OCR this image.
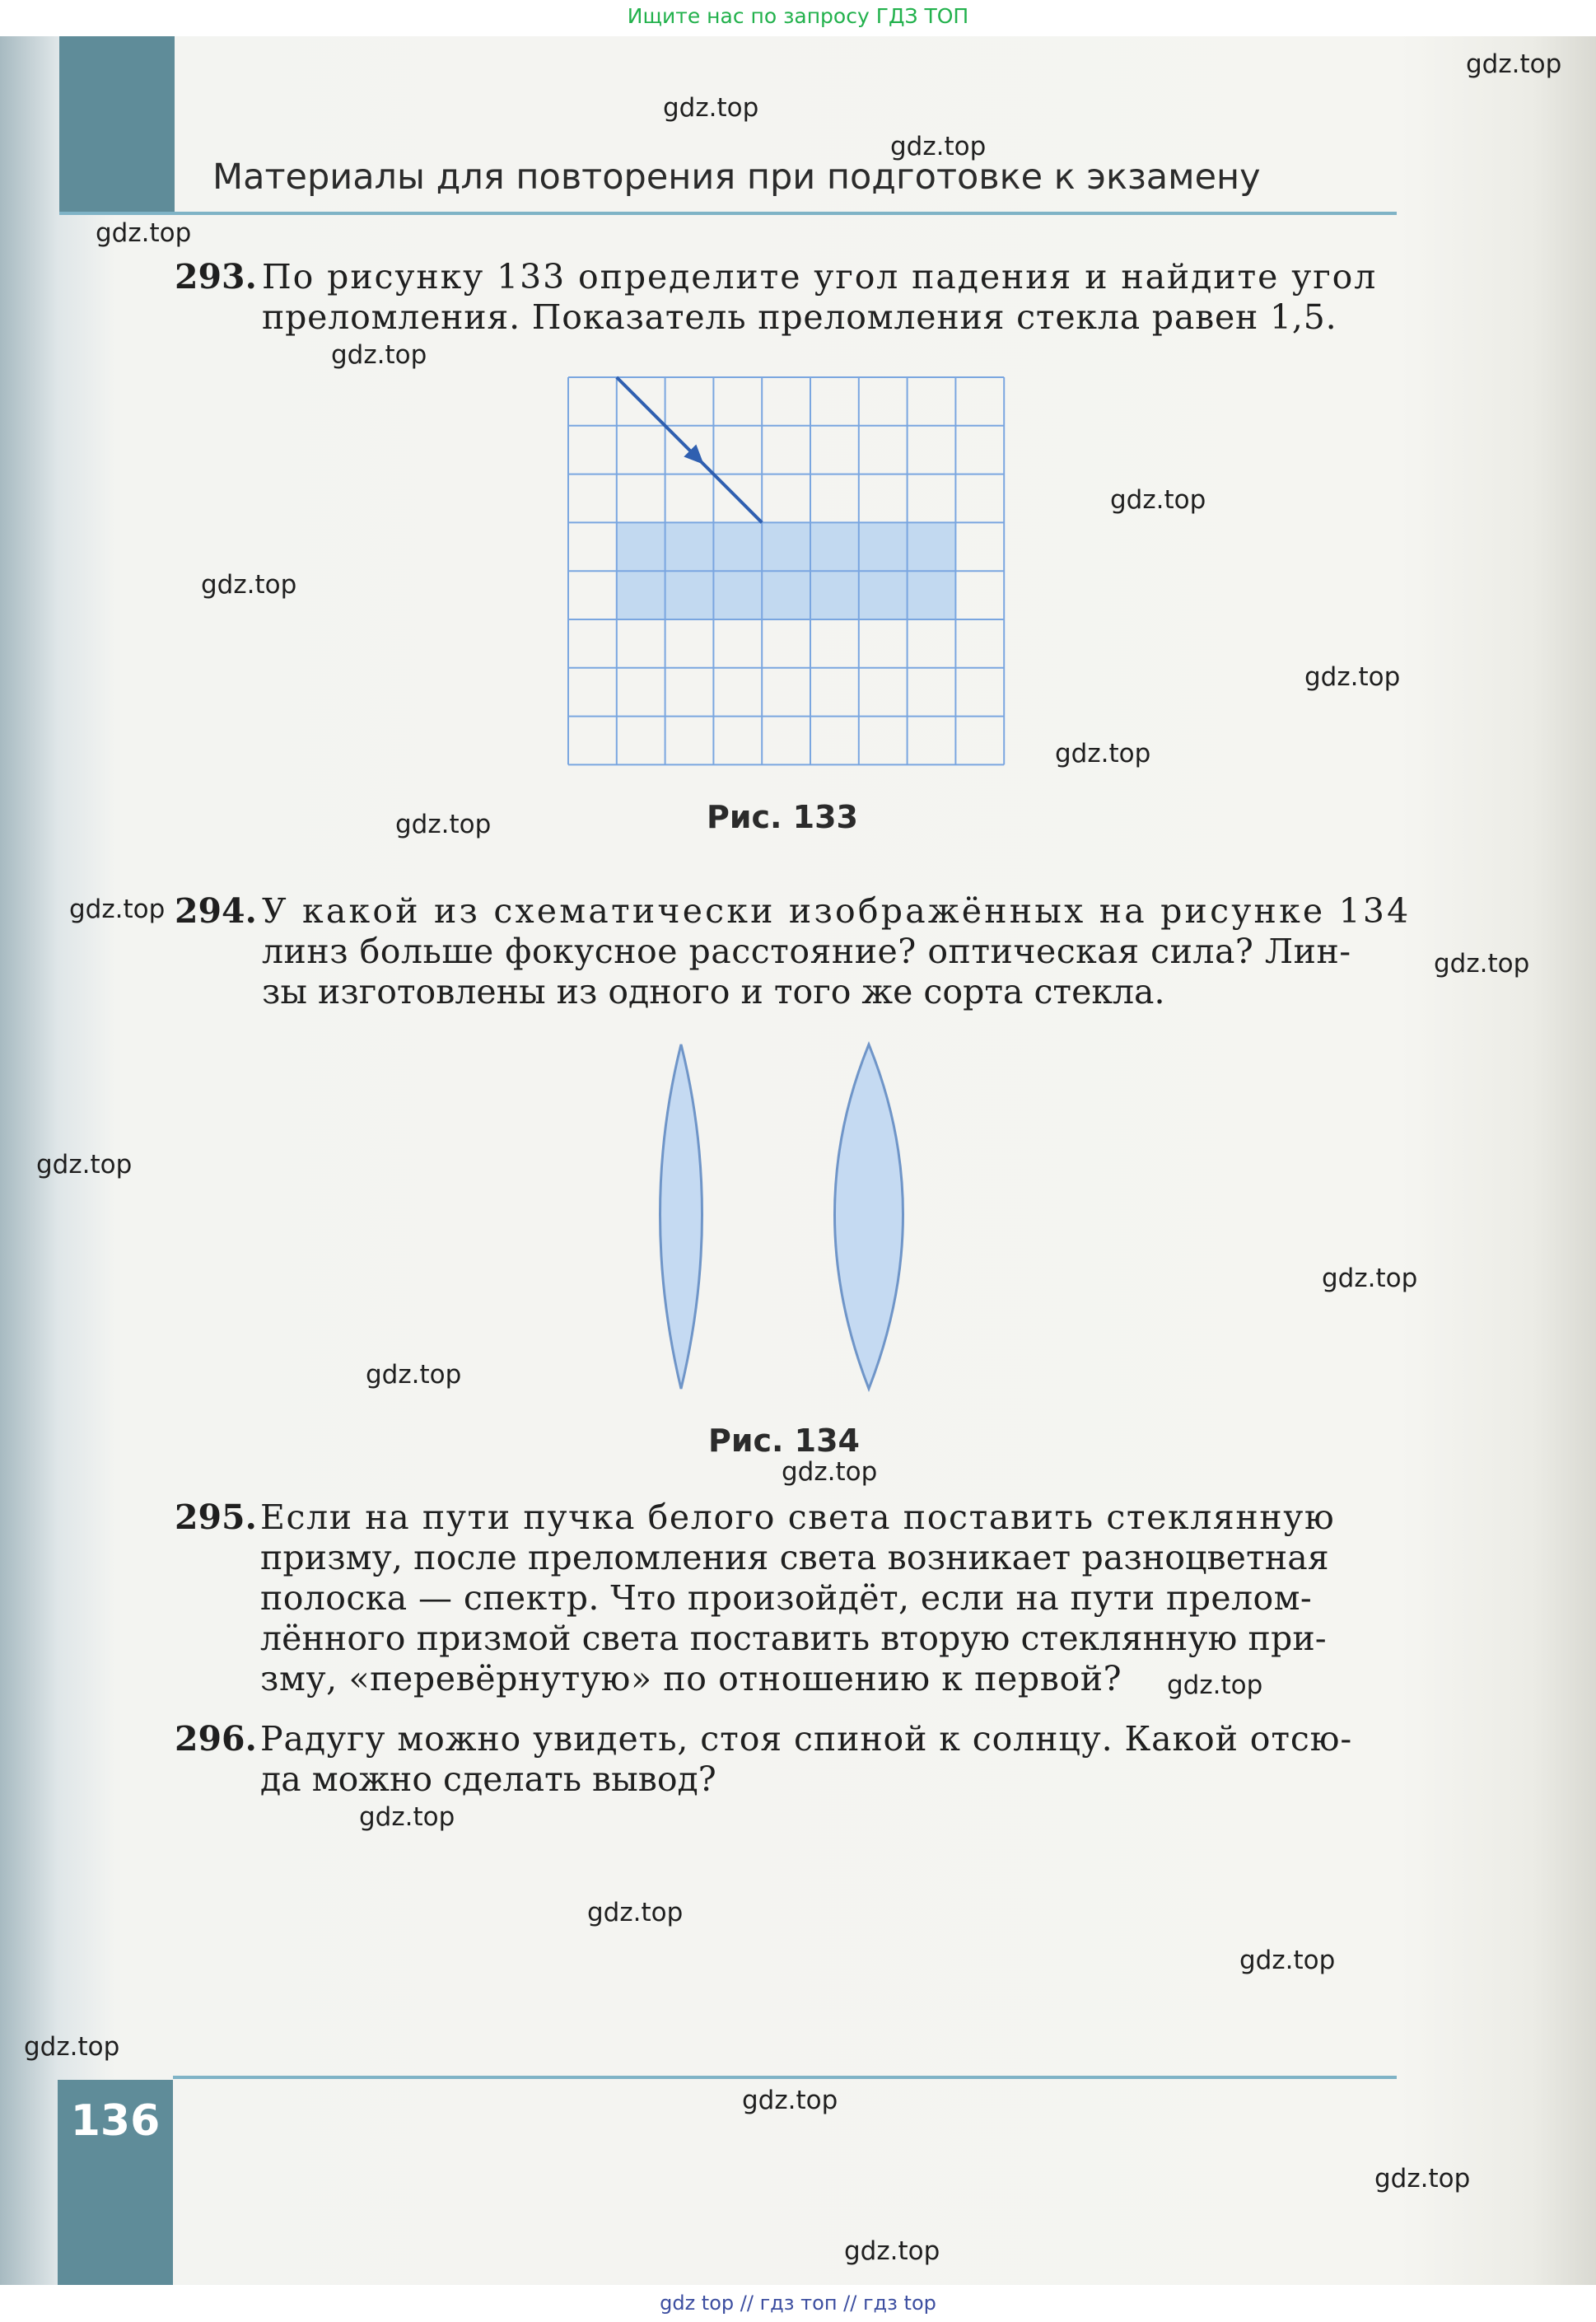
Ищите нас по запросу ГДЗ ТОП
Материалы для повторения при подготовке к экзамену
293. По рисунку 133 определите угол падения и найдите угол
преломления. Показатель преломления стекла равен 1,5.
Рис. 133
294. У какой из схематически изображённых на рисунке 134
линз больше фокусное расстояние? оптическая сила? Лин-
зы изготовлены из одного и того же сорта стекла.
Рис. 134
295. Если на пути пучка белого света поставить стеклянную
призму, после преломления света возникает разноцветная
полоска — спектр. Что произойдёт, если на пути прелом-
лённого призмой света поставить вторую стеклянную при-
зму, «перевёрнутую» по отношению к первой?
296. Радугу можно увидеть, стоя спиной к солнцу. Какой отсю-
да можно сделать вывод?
136
gdz.top
gdz.top
gdz.top
gdz.top
gdz.top
gdz.top
gdz.top
gdz.top
gdz.top
gdz.top
gdz.top
gdz.top
gdz.top
gdz.top
gdz.top
gdz.top
gdz.top
gdz.top
gdz.top
gdz.top
gdz.top
gdz.top
gdz.top
gdz.top
gdz top // гдз топ // гдз top
